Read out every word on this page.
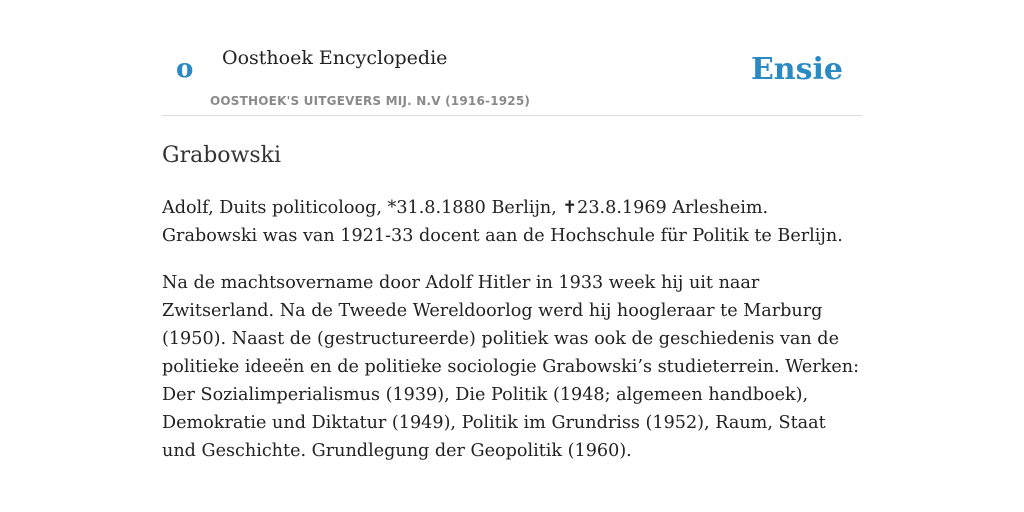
o Oosthoek Encyclopedie
OOSTHOEK'S UITGEVERS MIJ. N.V (1916-1925)
Ensie
Grabowski

Adolf, Duits politicoloog, *31.8.1880 Berlijn, ✝23.8.1969 Arlesheim. Grabowski was van 1921-33 docent aan de Hochschule für Politik te Berlijn.

Na de machtsovername door Adolf Hitler in 1933 week hij uit naar Zwitserland. Na de Tweede Wereldoorlog werd hij hoogleraar te Marburg (1950). Naast de (gestructureerde) politiek was ook de geschiedenis van de politieke ideeën en de politieke sociologie Grabowski’s studieterrein. Werken: Der Sozialimperialismus (1939), Die Politik (1948; algemeen handboek), Demokratie und Diktatur (1949), Politik im Grundriss (1952), Raum, Staat und Geschichte. Grundlegung der Geopolitik (1960).
